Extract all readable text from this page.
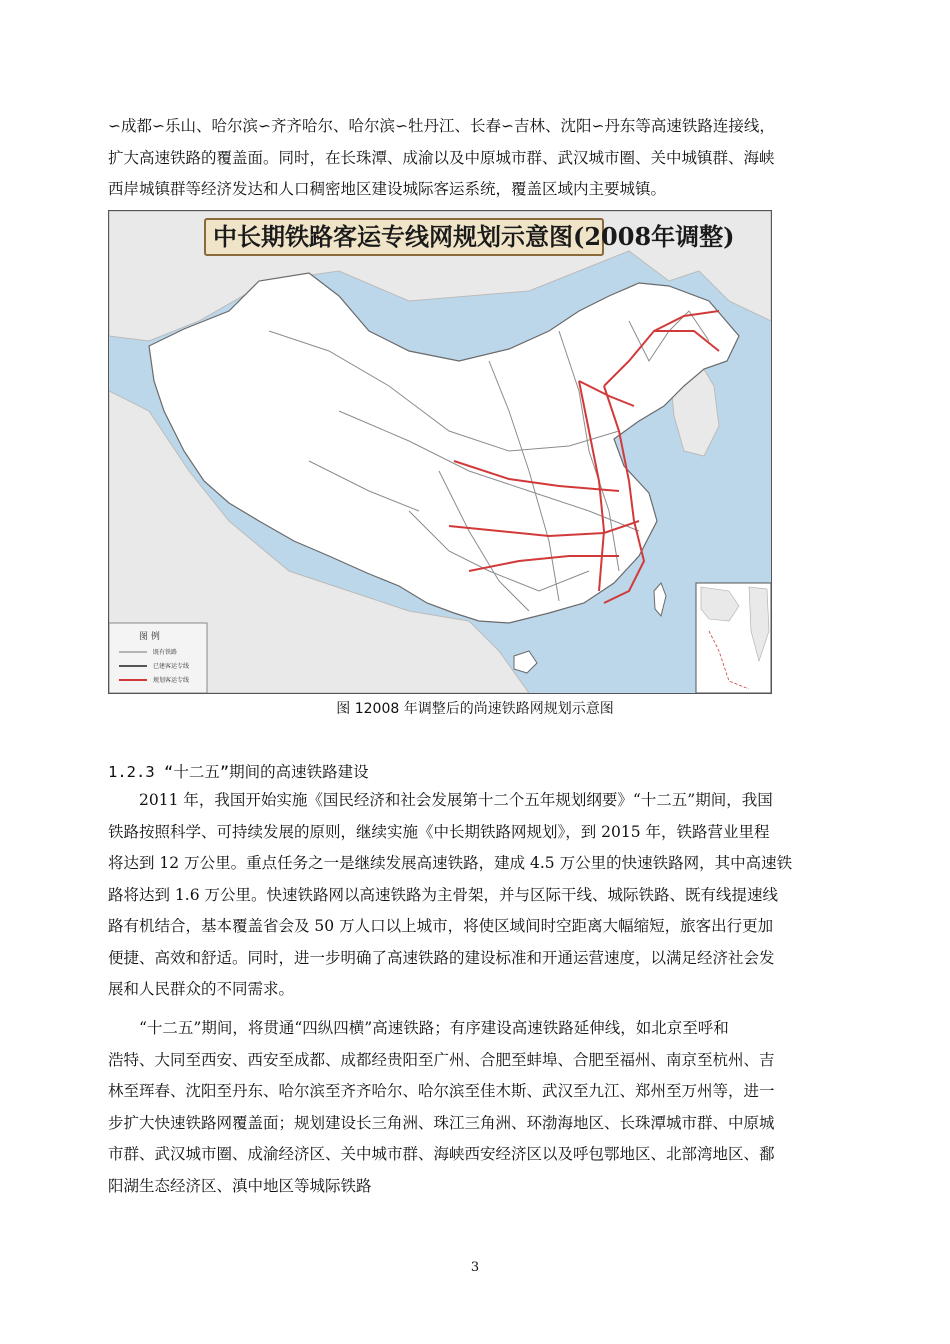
∽成都∽乐山、哈尔滨∽齐齐哈尔、哈尔滨∽牡丹江、长春∽吉林、沈阳∽丹东等高速铁路连接线，
扩大高速铁路的覆盖面。同时，在长珠潭、成渝以及中原城市群、武汉城市圈、关中城镇群、海峡
西岸城镇群等经济发达和人口稠密地区建设城际客运系统，覆盖区域内主要城镇。
中长期铁路客运专线网规划示意图(2008年调整)
图 例
既有铁路
已建客运专线
规划客运专线
图 12008 年调整后的尚速铁路网规划示意图
1.2.3 “十二五”期间的高速铁路建设
2011 年，我国开始实施《国民经济和社会发展第十二个五年规划纲要》“十二五”期间，我国
铁路按照科学、可持续发展的原则，继续实施《中长期铁路网规划》，到 2015 年，铁路营业里程
将达到 12 万公里。重点任务之一是继续发展高速铁路，建成 4.5 万公里的快速铁路网，其中高速铁
路将达到 1.6 万公里。快速铁路网以高速铁路为主骨架，并与区际干线、城际铁路、既有线提速线
路有机结合，基本覆盖省会及 50 万人口以上城市，将使区域间时空距离大幅缩短，旅客出行更加
便捷、高效和舒适。同时，进一步明确了高速铁路的建设标准和开通运营速度，以满足经济社会发
展和人民群众的不同需求。
“十二五”期间，将贯通“四纵四横”高速铁路；有序建设高速铁路延伸线，如北京至呼和
浩特、大同至西安、西安至成都、成都经贵阳至广州、合肥至蚌埠、合肥至福州、南京至杭州、吉
林至珲春、沈阳至丹东、哈尔滨至齐齐哈尔、哈尔滨至佳木斯、武汉至九江、郑州至万州等，进一
步扩大快速铁路网覆盖面；规划建设长三角洲、珠江三角洲、环渤海地区、长珠潭城市群、中原城
市群、武汉城市圈、成渝经济区、关中城市群、海峡西安经济区以及呼包鄂地区、北部湾地区、鄱
阳湖生态经济区、滇中地区等城际铁路
3
